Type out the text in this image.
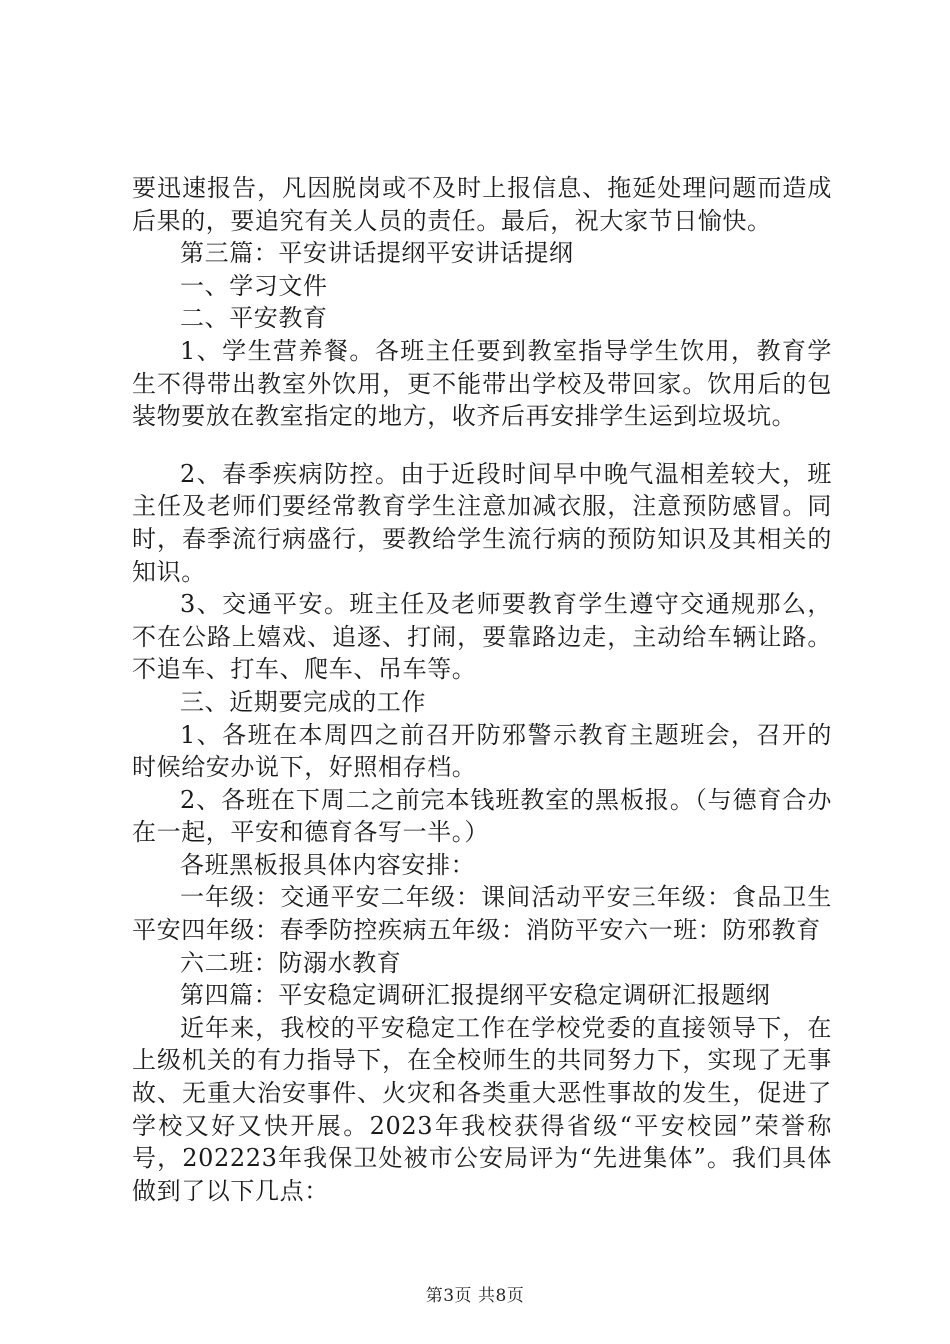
要迅速报告，凡因脱岗或不及时上报信息、拖延处理问题而造成后果的，要追究有关人员的责任。最后，祝大家节日愉快。

第三篇：平安讲话提纲平安讲话提纲

一、学习文件

二、平安教育

1、学生营养餐。各班主任要到教室指导学生饮用，教育学生不得带出教室外饮用，更不能带出学校及带回家。饮用后的包装物要放在教室指定的地方，收齐后再安排学生运到垃圾坑。

2、春季疾病防控。由于近段时间早中晚气温相差较大，班主任及老师们要经常教育学生注意加减衣服，注意预防感冒。同时，春季流行病盛行，要教给学生流行病的预防知识及其相关的知识。

3、交通平安。班主任及老师要教育学生遵守交通规那么，不在公路上嬉戏、追逐、打闹，要靠路边走，主动给车辆让路。不追车、打车、爬车、吊车等。

三、近期要完成的工作

1、各班在本周四之前召开防邪警示教育主题班会，召开的时候给安办说下，好照相存档。

2、各班在下周二之前完本钱班教室的黑板报。（与德育合办在一起，平安和德育各写一半。）

各班黑板报具体内容安排：

一年级：交通平安二年级：课间活动平安三年级：食品卫生平安四年级：春季防控疾病五年级：消防平安六一班：防邪教育

六二班：防溺水教育

第四篇：平安稳定调研汇报提纲平安稳定调研汇报题纲

近年来，我校的平安稳定工作在学校党委的直接领导下，在上级机关的有力指导下，在全校师生的共同努力下，实现了无事故、无重大治安事件、火灾和各类重大恶性事故的发生，促进了学校又好又快开展。2023年我校获得省级“平安校园”荣誉称号，202223年我保卫处被市公安局评为“先进集体”。我们具体做到了以下几点：

第3页 共8页
